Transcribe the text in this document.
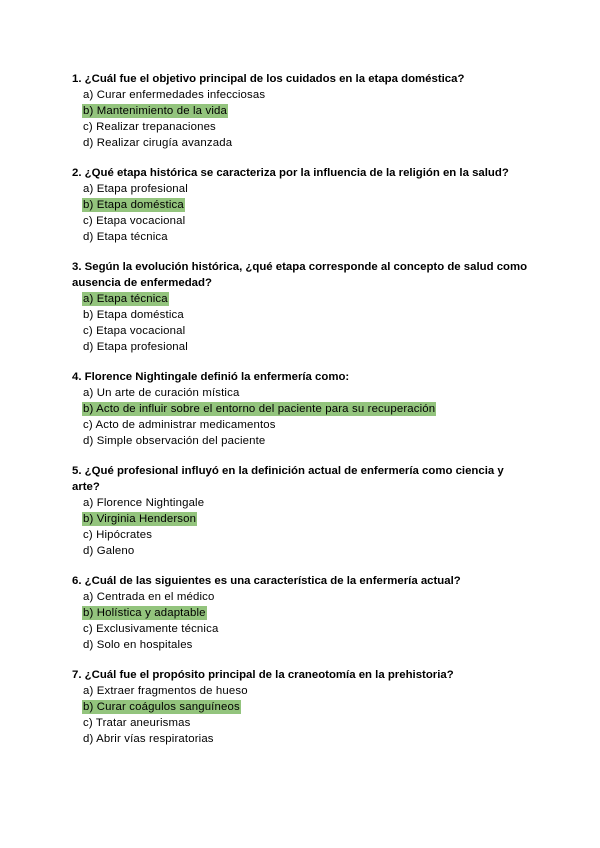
1. ¿Cuál fue el objetivo principal de los cuidados en la etapa doméstica?

a) Curar enfermedades infecciosas
b) Mantenimiento de la vida
c) Realizar trepanaciones
d) Realizar cirugía avanzada

2. ¿Qué etapa histórica se caracteriza por la influencia de la religión en la salud?

a) Etapa profesional
b) Etapa doméstica
c) Etapa vocacional
d) Etapa técnica

3. Según la evolución histórica, ¿qué etapa corresponde al concepto de salud como ausencia de enfermedad?

a) Etapa técnica
b) Etapa doméstica
c) Etapa vocacional
d) Etapa profesional

4. Florence Nightingale definió la enfermería como:

a) Un arte de curación mística
b) Acto de influir sobre el entorno del paciente para su recuperación
c) Acto de administrar medicamentos
d) Simple observación del paciente

5. ¿Qué profesional influyó en la definición actual de enfermería como ciencia y arte?

a) Florence Nightingale
b) Virginia Henderson
c) Hipócrates
d) Galeno

6. ¿Cuál de las siguientes es una característica de la enfermería actual?

a) Centrada en el médico
b) Holística y adaptable
c) Exclusivamente técnica
d) Solo en hospitales

7. ¿Cuál fue el propósito principal de la craneotomía en la prehistoria?

a) Extraer fragmentos de hueso
b) Curar coágulos sanguíneos
c) Tratar aneurismas
d) Abrir vías respiratorias
